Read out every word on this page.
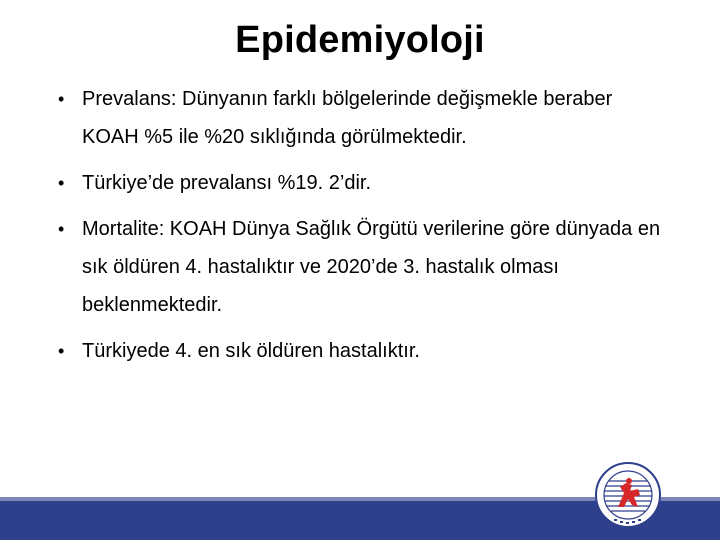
Epidemiyoloji
• Prevalans: Dünyanın farklı bölgelerinde değişmekle beraber KOAH %5 ile %20 sıklığında görülmektedir.
• Türkiye’de prevalansı %19. 2’dir.
• Mortalite: KOAH Dünya Sağlık Örgütü verilerine göre dünyada en sık öldüren 4. hastalıktır ve 2020’de 3. hastalık olması beklenmektedir.
• Türkiyede 4. en sık öldüren hastalıktır.
